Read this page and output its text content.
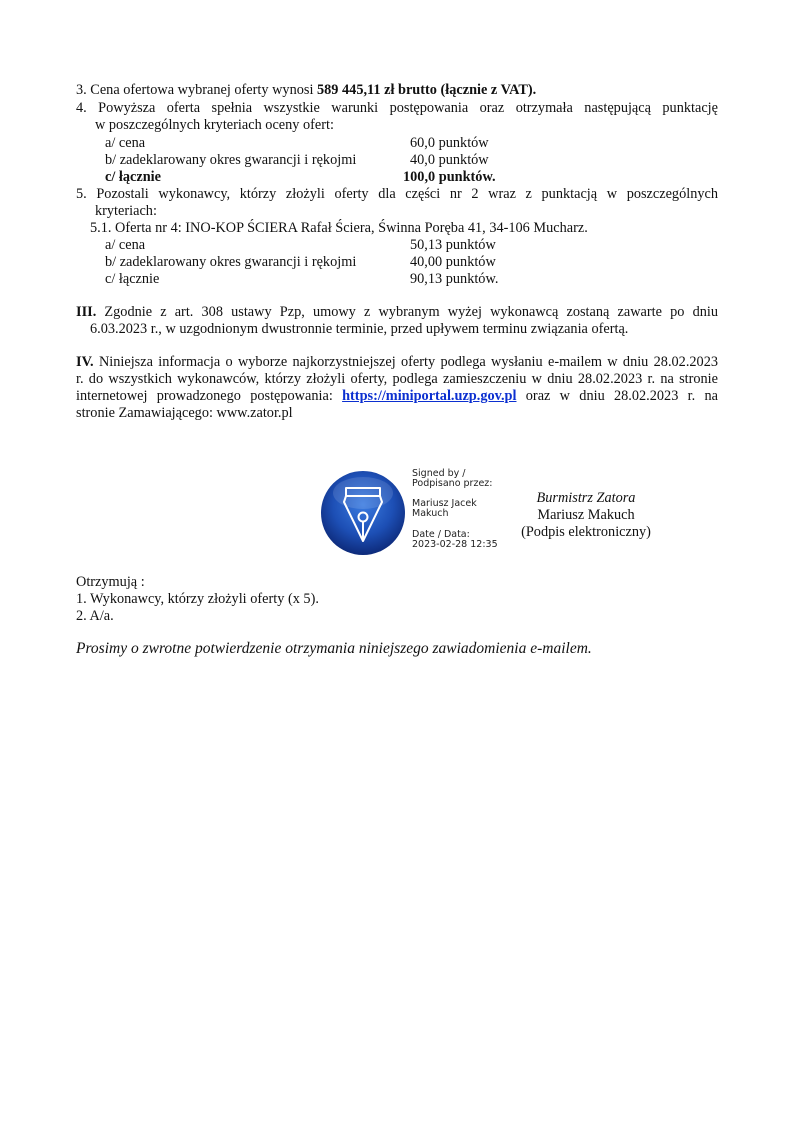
3. Cena ofertowa wybranej oferty wynosi 589 445,11 zł brutto (łącznie z VAT).
4. Powyższa oferta spełnia wszystkie warunki postępowania oraz otrzymała następującą punktację
w poszczególnych kryteriach oceny ofert:
a/ cena	60,0 punktów
b/ zadeklarowany okres gwarancji i rękojmi	40,0 punktów
c/ łącznie	100,0 punktów.
5. Pozostali wykonawcy, którzy złożyli oferty dla części nr 2 wraz z punktacją w poszczególnych
kryteriach:
5.1. Oferta nr 4: INO-KOP ŚCIERA Rafał Ściera, Świnna Poręba 41, 34-106 Mucharz.
a/ cena	50,13 punktów
b/ zadeklarowany okres gwarancji i rękojmi	40,00 punktów
c/ łącznie	90,13 punktów.
III. Zgodnie z art. 308 ustawy Pzp, umowy z wybranym wyżej wykonawcą zostaną zawarte po dniu
6.03.2023 r., w uzgodnionym dwustronnie terminie, przed upływem terminu związania ofertą.
IV. Niniejsza informacja o wyborze najkorzystniejszej oferty podlega wysłaniu e-mailem w dniu 28.02.2023
r. do wszystkich wykonawców, którzy złożyli oferty, podlega zamieszczeniu w dniu 28.02.2023 r. na stronie
internetowej prowadzonego postępowania: https://miniportal.uzp.gov.pl oraz w dniu 28.02.2023 r. na
stronie Zamawiającego: www.zator.pl
Signed by /
Podpisano przez:
Mariusz Jacek
Makuch
Date / Data:
2023-02-28 12:35
Burmistrz Zatora
Mariusz Makuch
(Podpis elektroniczny)
Otrzymują :
1. Wykonawcy, którzy złożyli oferty (x 5).
2. A/a.
Prosimy o zwrotne potwierdzenie otrzymania niniejszego zawiadomienia e-mailem.
